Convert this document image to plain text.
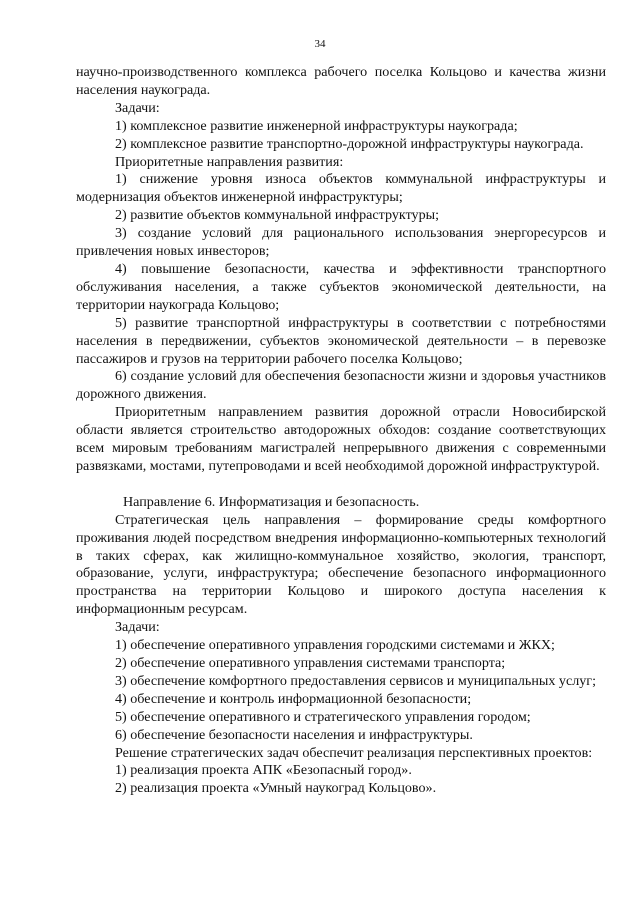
34

научно-производственного комплекса рабочего поселка Кольцово и качества жизни населения наукограда.

Задачи:

1) комплексное развитие инженерной инфраструктуры наукограда;

2) комплексное развитие транспортно-дорожной инфраструктуры наукограда.

Приоритетные направления развития:

1) снижение уровня износа объектов коммунальной инфраструктуры и модернизация объектов инженерной инфраструктуры;

2) развитие объектов коммунальной инфраструктуры;

3) создание условий для рационального использования энергоресурсов и привлечения новых инвесторов;

4) повышение безопасности, качества и эффективности транспортного обслуживания населения, а также субъектов экономической деятельности, на территории наукограда Кольцово;

5) развитие транспортной инфраструктуры в соответствии с потребностями населения в передвижении, субъектов экономической деятельности – в перевозке пассажиров и грузов на территории рабочего поселка Кольцово;

6) создание условий для обеспечения безопасности жизни и здоровья участников дорожного движения.

Приоритетным направлением развития дорожной отрасли Новосибирской области является строительство автодорожных обходов: создание соответствующих всем мировым требованиям магистралей непрерывного движения с современными развязками, мостами, путепроводами и всей необходимой дорожной инфраструктурой.

Направление 6. Информатизация и безопасность.

Стратегическая цель направления – формирование среды комфортного проживания людей посредством внедрения информационно-компьютерных технологий в таких сферах, как жилищно-коммунальное хозяйство, экология, транспорт, образование, услуги, инфраструктура; обеспечение безопасного информационного пространства на территории Кольцово и широкого доступа населения к информационным ресурсам.

Задачи:

1) обеспечение оперативного управления городскими системами и ЖКХ;

2) обеспечение оперативного управления системами транспорта;

3) обеспечение комфортного предоставления сервисов и муниципальных услуг;

4) обеспечение и контроль информационной безопасности;

5) обеспечение оперативного и стратегического управления городом;

6) обеспечение безопасности населения и инфраструктуры.

Решение стратегических задач обеспечит реализация перспективных проектов:

1) реализация проекта АПК «Безопасный город».

2) реализация проекта «Умный наукоград Кольцово».
